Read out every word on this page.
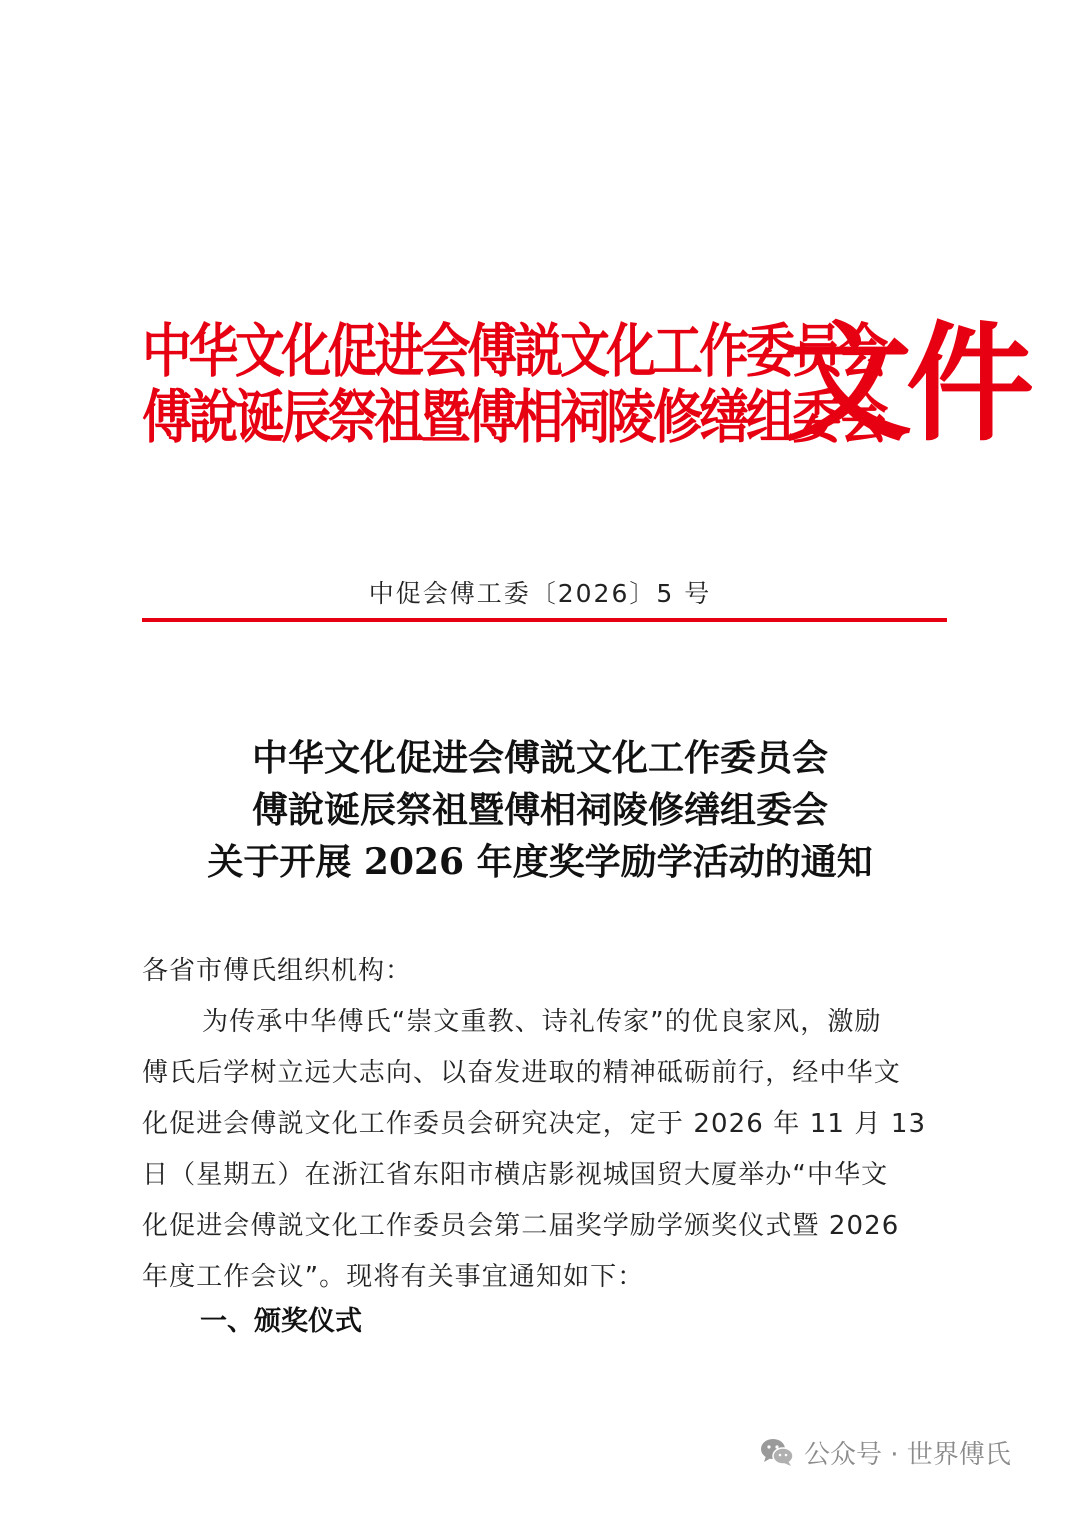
中华文化促进会傅説文化工作委员会
傅說诞辰祭祖暨傅相祠陵修缮组委会
文件
中促会傅工委〔2026〕5 号
中华文化促进会傅説文化工作委员会
傅說诞辰祭祖暨傅相祠陵修缮组委会
关于开展 2026 年度奖学励学活动的通知
各省市傅氏组织机构：
为传承中华傅氏“崇文重教、诗礼传家”的优良家风，激励
傅氏后学树立远大志向、以奋发进取的精神砥砺前行，经中华文
化促进会傅説文化工作委员会研究决定，定于 2026 年 11 月 13
日（星期五）在浙江省东阳市横店影视城国贸大厦举办“中华文
化促进会傅説文化工作委员会第二届奖学励学颁奖仪式暨 2026
年度工作会议”。现将有关事宜通知如下：
一、颁奖仪式
公众号 · 世界傅氏
